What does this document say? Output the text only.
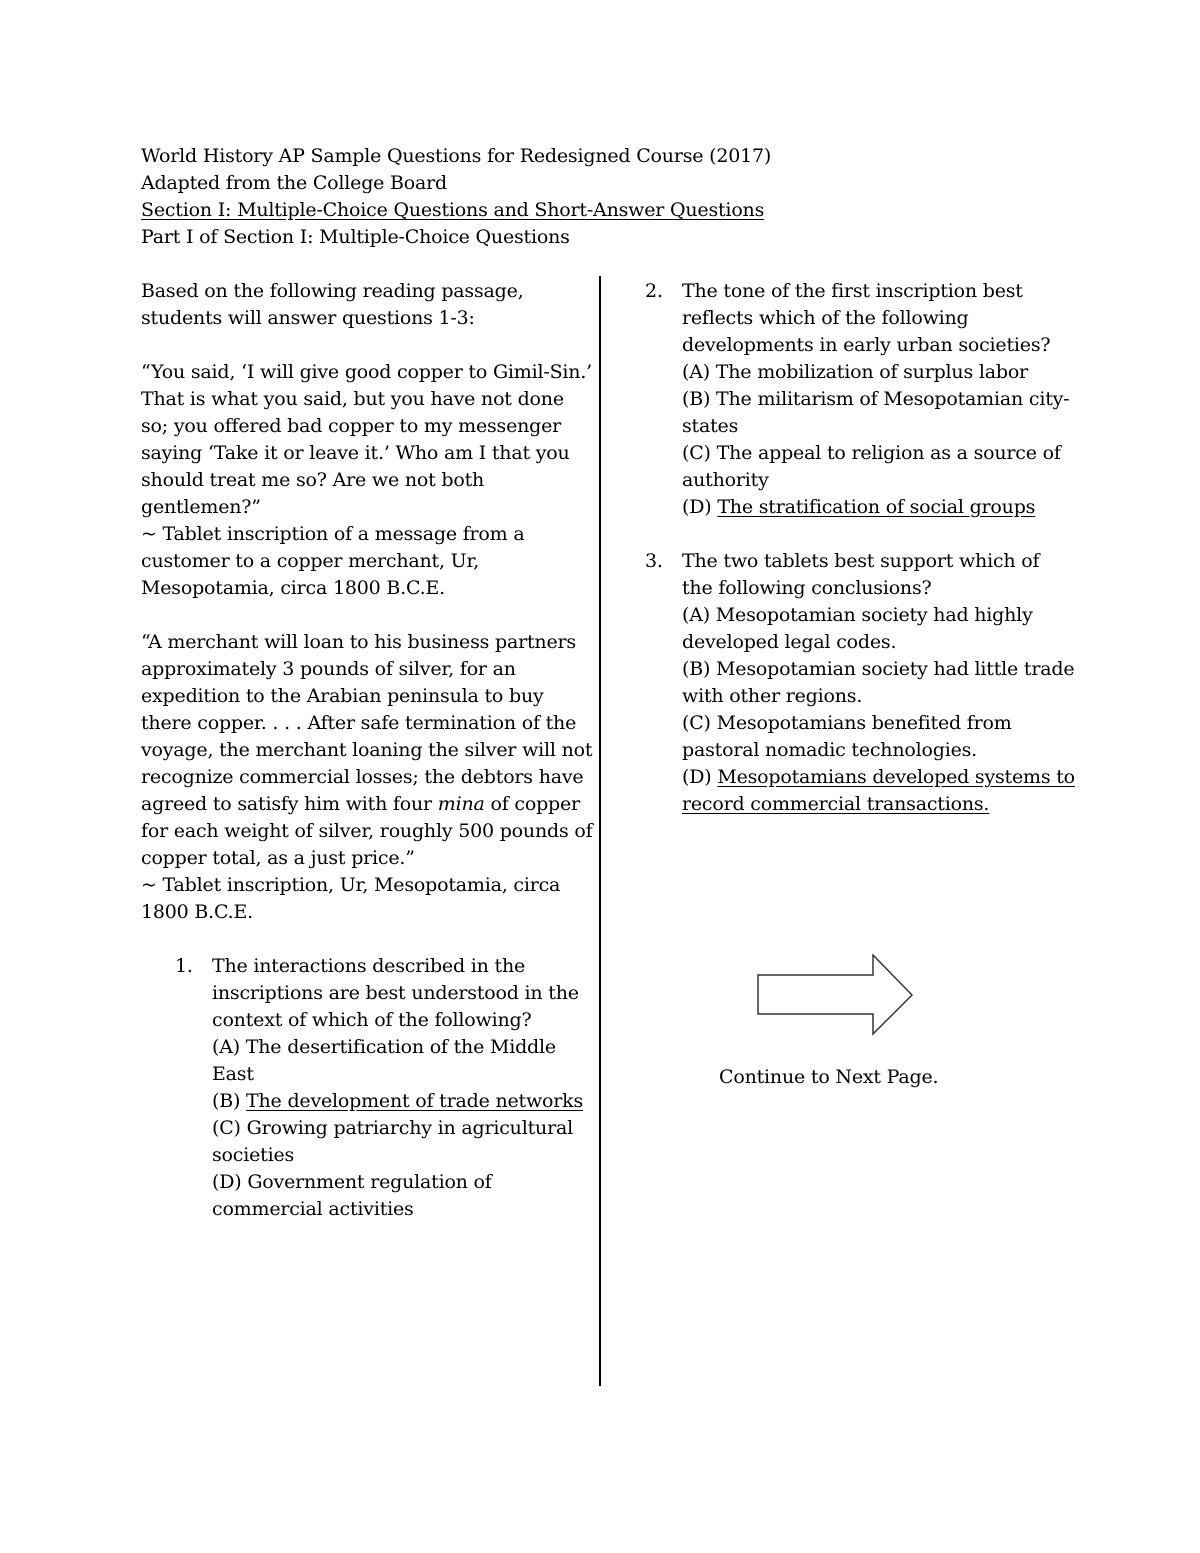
World History AP Sample Questions for Redesigned Course (2017)
Adapted from the College Board
Section I: Multiple-Choice Questions and Short-Answer Questions
Part I of Section I: Multiple-Choice Questions

Based on the following reading passage, students will answer questions 1-3:

“You said, ‘I will give good copper to Gimil-Sin.’ That is what you said, but you have not done so; you offered bad copper to my messenger saying ‘Take it or leave it.’ Who am I that you should treat me so? Are we not both gentlemen?”

~ Tablet inscription of a message from a customer to a copper merchant, Ur, Mesopotamia, circa 1800 B.C.E.

“A merchant will loan to his business partners approximately 3 pounds of silver, for an expedition to the Arabian peninsula to buy there copper. . . . After safe termination of the voyage, the merchant loaning the silver will not recognize commercial losses; the debtors have agreed to satisfy him with four mina of copper for each weight of silver, roughly 500 pounds of copper total, as a just price.”

~ Tablet inscription, Ur, Mesopotamia, circa 1800 B.C.E.

1. The interactions described in the inscriptions are best understood in the context of which of the following?

(A) The desertification of the Middle East

(B) The development of trade networks

(C) Growing patriarchy in agricultural societies

(D) Government regulation of commercial activities

2. The tone of the first inscription best reflects which of the following developments in early urban societies?

(A) The mobilization of surplus labor

(B) The militarism of Mesopotamian city-states

(C) The appeal to religion as a source of authority

(D) The stratification of social groups

3. The two tablets best support which of the following conclusions?

(A) Mesopotamian society had highly developed legal codes.

(B) Mesopotamian society had little trade with other regions.

(C) Mesopotamians benefited from pastoral nomadic technologies.

(D) Mesopotamians developed systems to record commercial transactions.

Continue to Next Page.
